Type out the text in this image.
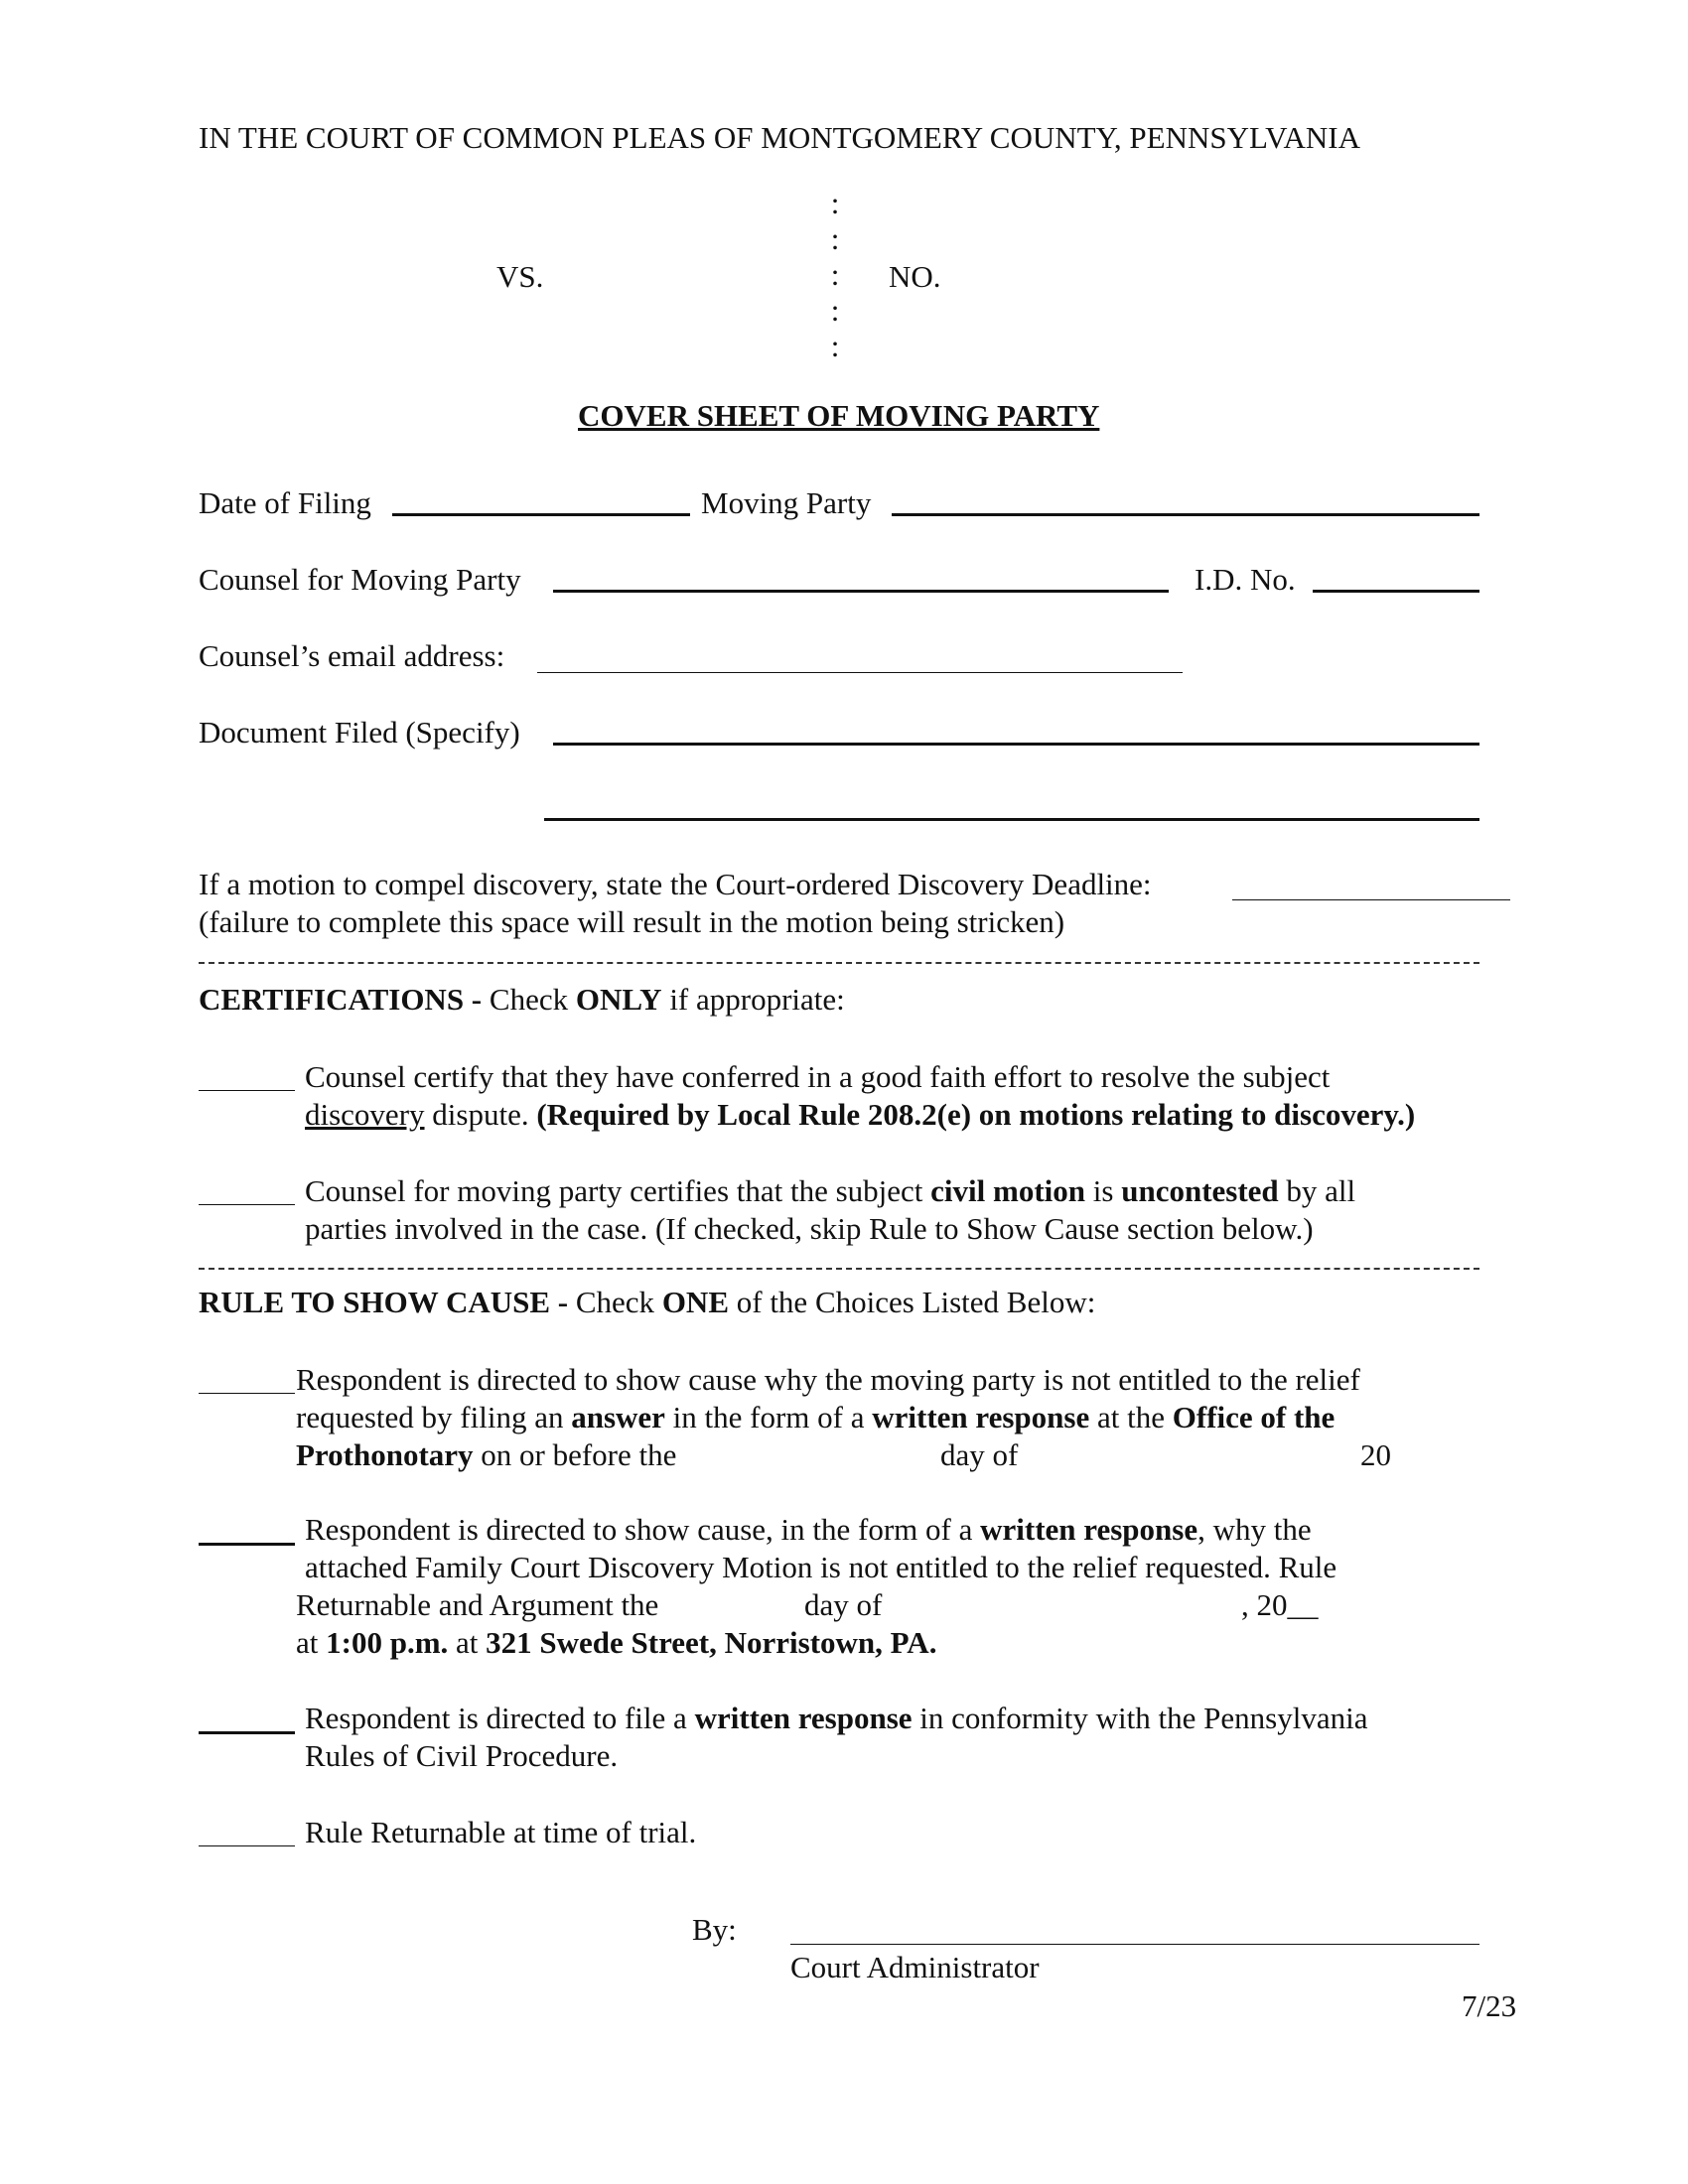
IN THE COURT OF COMMON PLEAS OF MONTGOMERY COUNTY, PENNSYLVANIA
:
:
:
:
:
VS.	NO.
COVER SHEET OF MOVING PARTY
Date of Filing	Moving Party
Counsel for Moving Party	I.D. No.
Counsel’s email address:
Document Filed (Specify)
If a motion to compel discovery, state the Court-ordered Discovery Deadline:
(failure to complete this space will result in the motion being stricken)
CERTIFICATIONS - Check ONLY if appropriate:
Counsel certify that they have conferred in a good faith effort to resolve the subject
discovery dispute. (Required by Local Rule 208.2(e) on motions relating to discovery.)
Counsel for moving party certifies that the subject civil motion is uncontested by all
parties involved in the case. (If checked, skip Rule to Show Cause section below.)
RULE TO SHOW CAUSE - Check ONE of the Choices Listed Below:
Respondent is directed to show cause why the moving party is not entitled to the relief
requested by filing an answer in the form of a written response at the Office of the
Prothonotary on or before the	day of	20
Respondent is directed to show cause, in the form of a written response, why the
attached Family Court Discovery Motion is not entitled to the relief requested. Rule
Returnable and Argument the	day of	, 20__
at 1:00 p.m. at 321 Swede Street, Norristown, PA.
Respondent is directed to file a written response in conformity with the Pennsylvania
Rules of Civil Procedure.
Rule Returnable at time of trial.
By:
Court Administrator
7/23
